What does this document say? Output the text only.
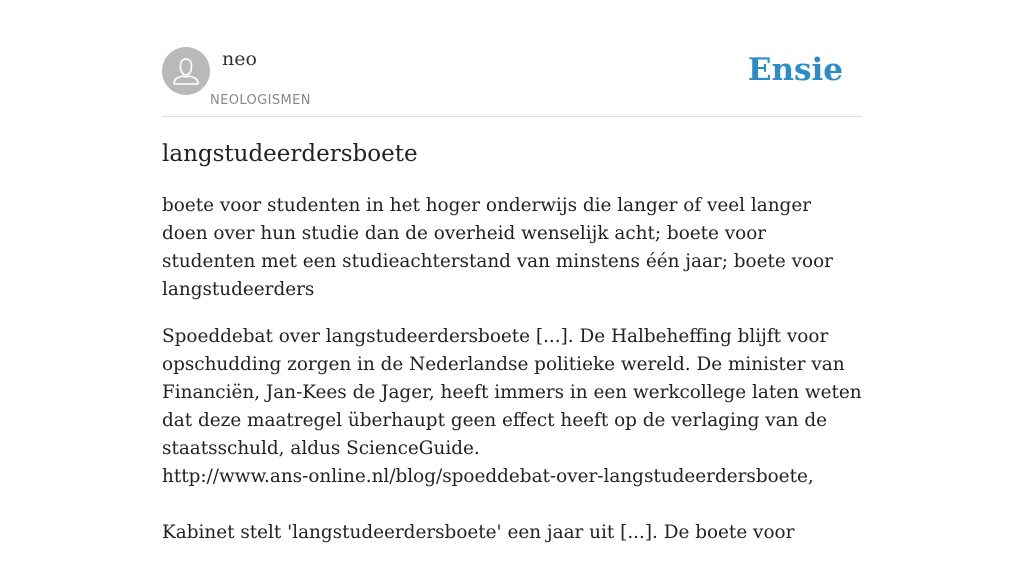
neo
NEOLOGISMEN
Ensie
langstudeerdersboete

boete voor studenten in het hoger onderwijs die langer of veel langer doen over hun studie dan de overheid wenselijk acht; boete voor studenten met een studieachterstand van minstens één jaar; boete voor langstudeerders

Spoeddebat over langstudeerdersboete [...]. De Halbeheffing blijft voor opschudding zorgen in de Nederlandse politieke wereld. De minister van Financiën, Jan-Kees de Jager, heeft immers in een werkcollege laten weten dat deze maatregel überhaupt geen effect heeft op de verlaging van de staatsschuld, aldus ScienceGuide.
http://www.ans-online.nl/blog/spoeddebat-over-langstudeerdersboete,

Kabinet stelt 'langstudeerdersboete' een jaar uit [...]. De boete voor
